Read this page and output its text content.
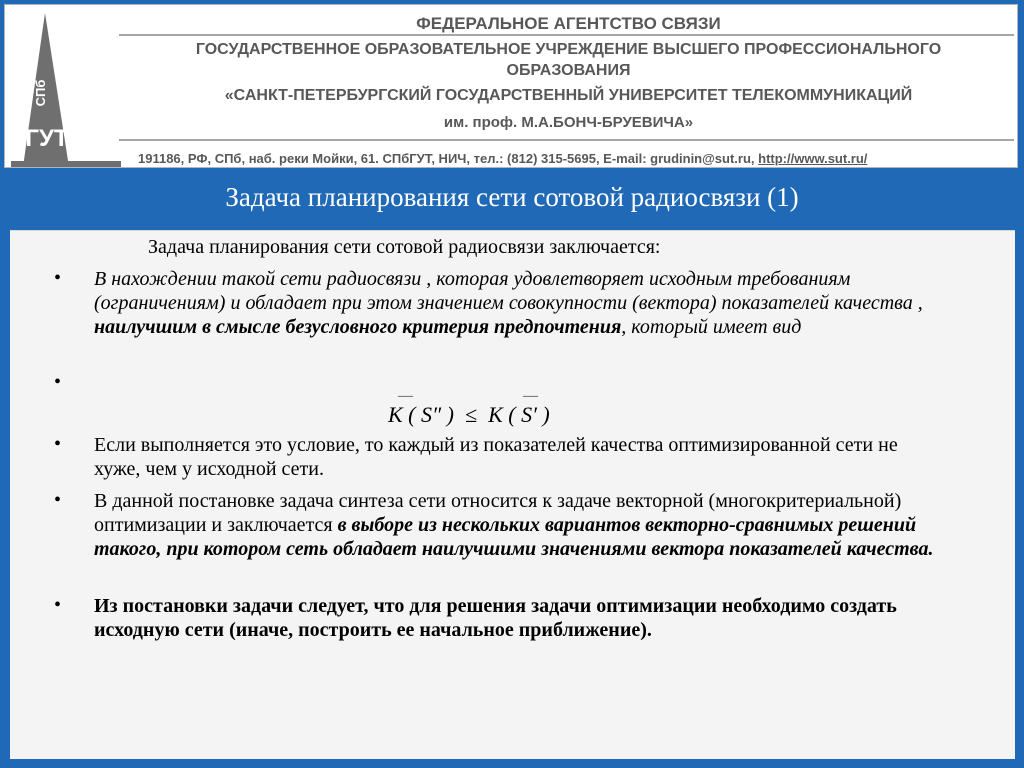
СПб
ГУТ
ФЕДЕРАЛЬНОЕ АГЕНТСТВО СВЯЗИ
ГОСУДАРСТВЕННОЕ ОБРАЗОВАТЕЛЬНОЕ УЧРЕЖДЕНИЕ ВЫСШЕГО ПРОФЕССИОНАЛЬНОГО
ОБРАЗОВАНИЯ
«САНКТ-ПЕТЕРБУРГСКИЙ ГОСУДАРСТВЕННЫЙ УНИВЕРСИТЕТ ТЕЛЕКОММУНИКАЦИЙ
им. проф. М.А.БОНЧ-БРУЕВИЧА»
191186, РФ, СПб, наб. реки Мойки, 61. СПбГУТ, НИЧ, тел.: (812) 315-5695, E-mail: grudinin@sut.ru, http://www.sut.ru/
Задача планирования сети сотовой радиосвязи (1)
Задача планирования сети сотовой радиосвязи заключается:
• В нахождении такой сети радиосвязи , которая удовлетворяет исходным требованиям (ограничениям) и обладает при этом значением совокупности (вектора) показателей качества , наилучшим в смысле безусловного критерия предпочтения, который имеет вид
•
—	—
K ( S″ )  ≤  K ( S′ )
• Если выполняется это условие, то каждый из показателей качества оптимизированной сети не хуже, чем у исходной сети.
• В данной постановке задача синтеза сети относится к задаче векторной (многокритериальной) оптимизации и заключается в выборе из нескольких вариантов векторно-сравнимых решений такого, при котором сеть обладает наилучшими значениями вектора показателей качества.
• Из постановки задачи следует, что для решения задачи оптимизации необходимо создать исходную сети (иначе, построить ее начальное приближение).
